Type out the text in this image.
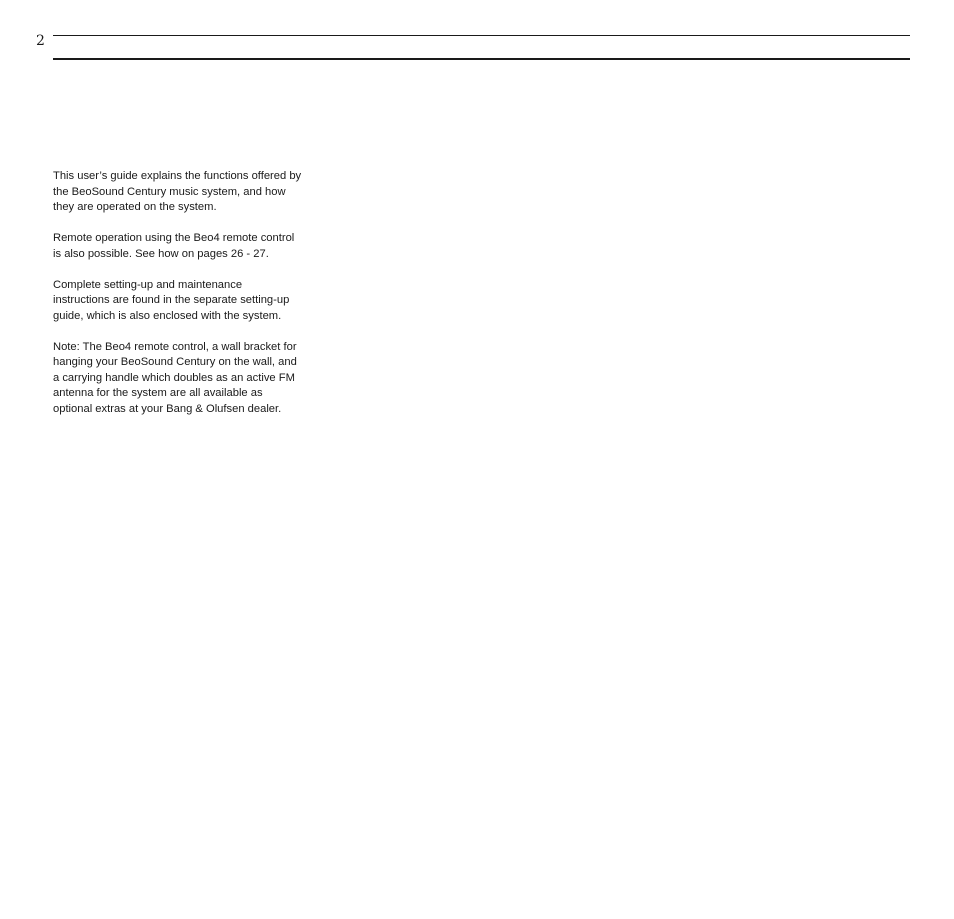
2

This user’s guide explains the functions offered by
the BeoSound Century music system, and how
they are operated on the system.

Remote operation using the Beo4 remote control
is also possible. See how on pages 26 - 27.

Complete setting-up and maintenance
instructions are found in the separate setting-up
guide, which is also enclosed with the system.

Note: The Beo4 remote control, a wall bracket for
hanging your BeoSound Century on the wall, and
a carrying handle which doubles as an active FM
antenna for the system are all available as
optional extras at your Bang & Olufsen dealer.
